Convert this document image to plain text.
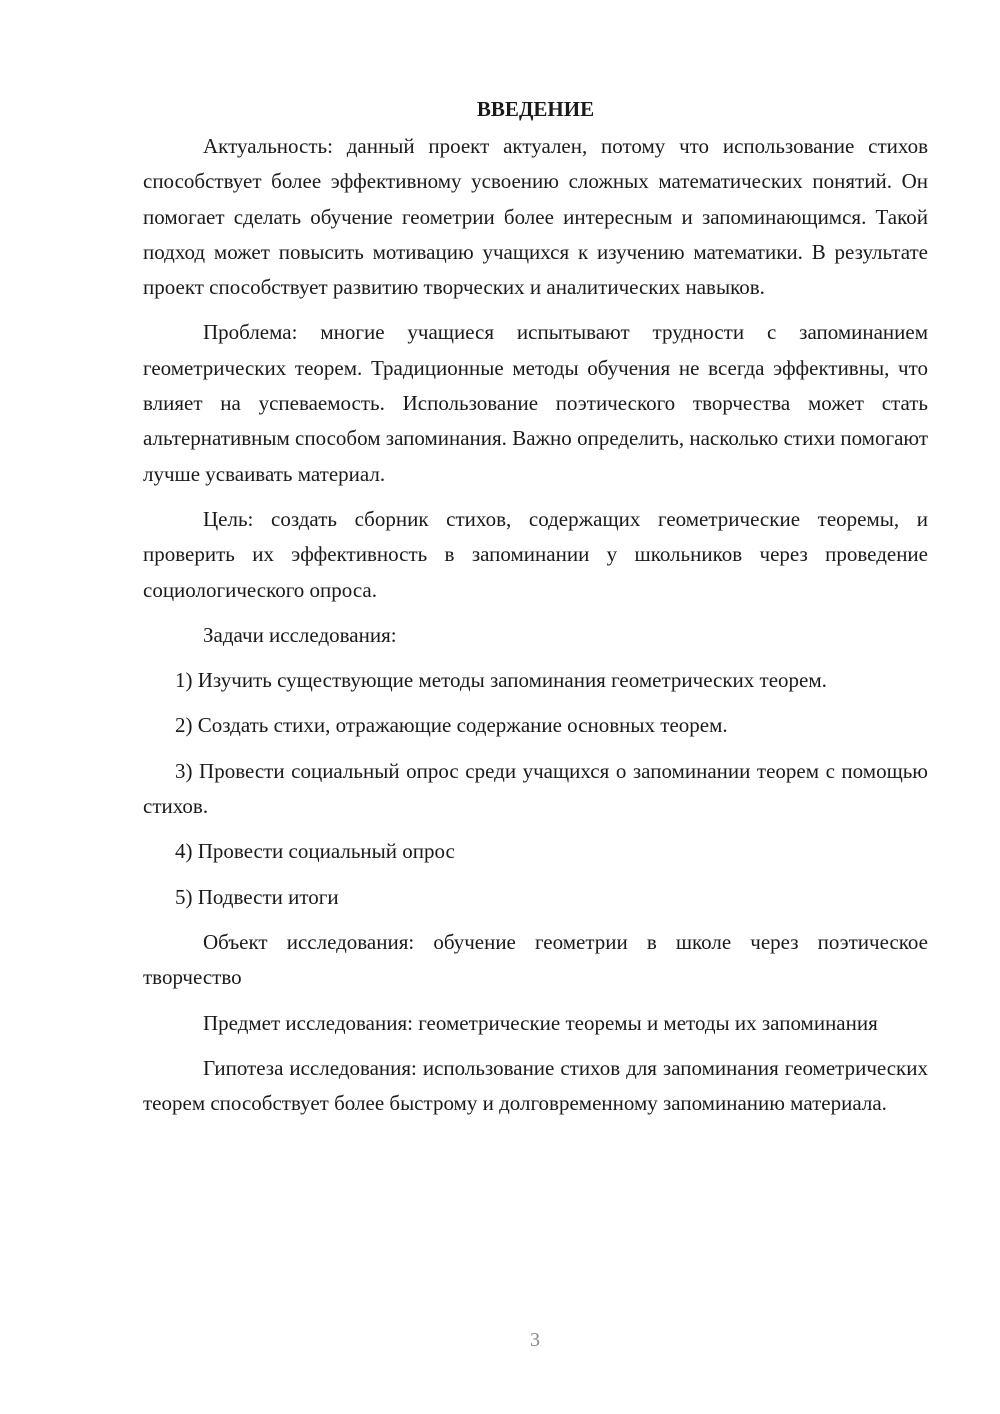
ВВЕДЕНИЕ

Актуальность: данный проект актуален, потому что использование стихов способствует более эффективному усвоению сложных математических понятий. Он помогает сделать обучение геометрии более интересным и запоминающимся. Такой подход может повысить мотивацию учащихся к изучению математики. В результате проект способствует развитию творческих и аналитических навыков.

Проблема: многие учащиеся испытывают трудности с запоминанием геометрических теорем. Традиционные методы обучения не всегда эффективны, что влияет на успеваемость. Использование поэтического творчества может стать альтернативным способом запоминания. Важно определить, насколько стихи помогают лучше усваивать материал.

Цель: создать сборник стихов, содержащих геометрические теоремы, и проверить их эффективность в запоминании у школьников через проведение социологического опроса.

Задачи исследования:

1) Изучить существующие методы запоминания геометрических теорем.

2) Создать стихи, отражающие содержание основных теорем.

3) Провести социальный опрос среди учащихся о запоминании теорем с помощью стихов.

4) Провести социальный опрос

5) Подвести итоги

Объект исследования: обучение геометрии в школе через поэтическое творчество

Предмет исследования: геометрические теоремы и методы их запоминания

Гипотеза исследования: использование стихов для запоминания геометрических теорем способствует более быстрому и долговременному запоминанию материала.

3
